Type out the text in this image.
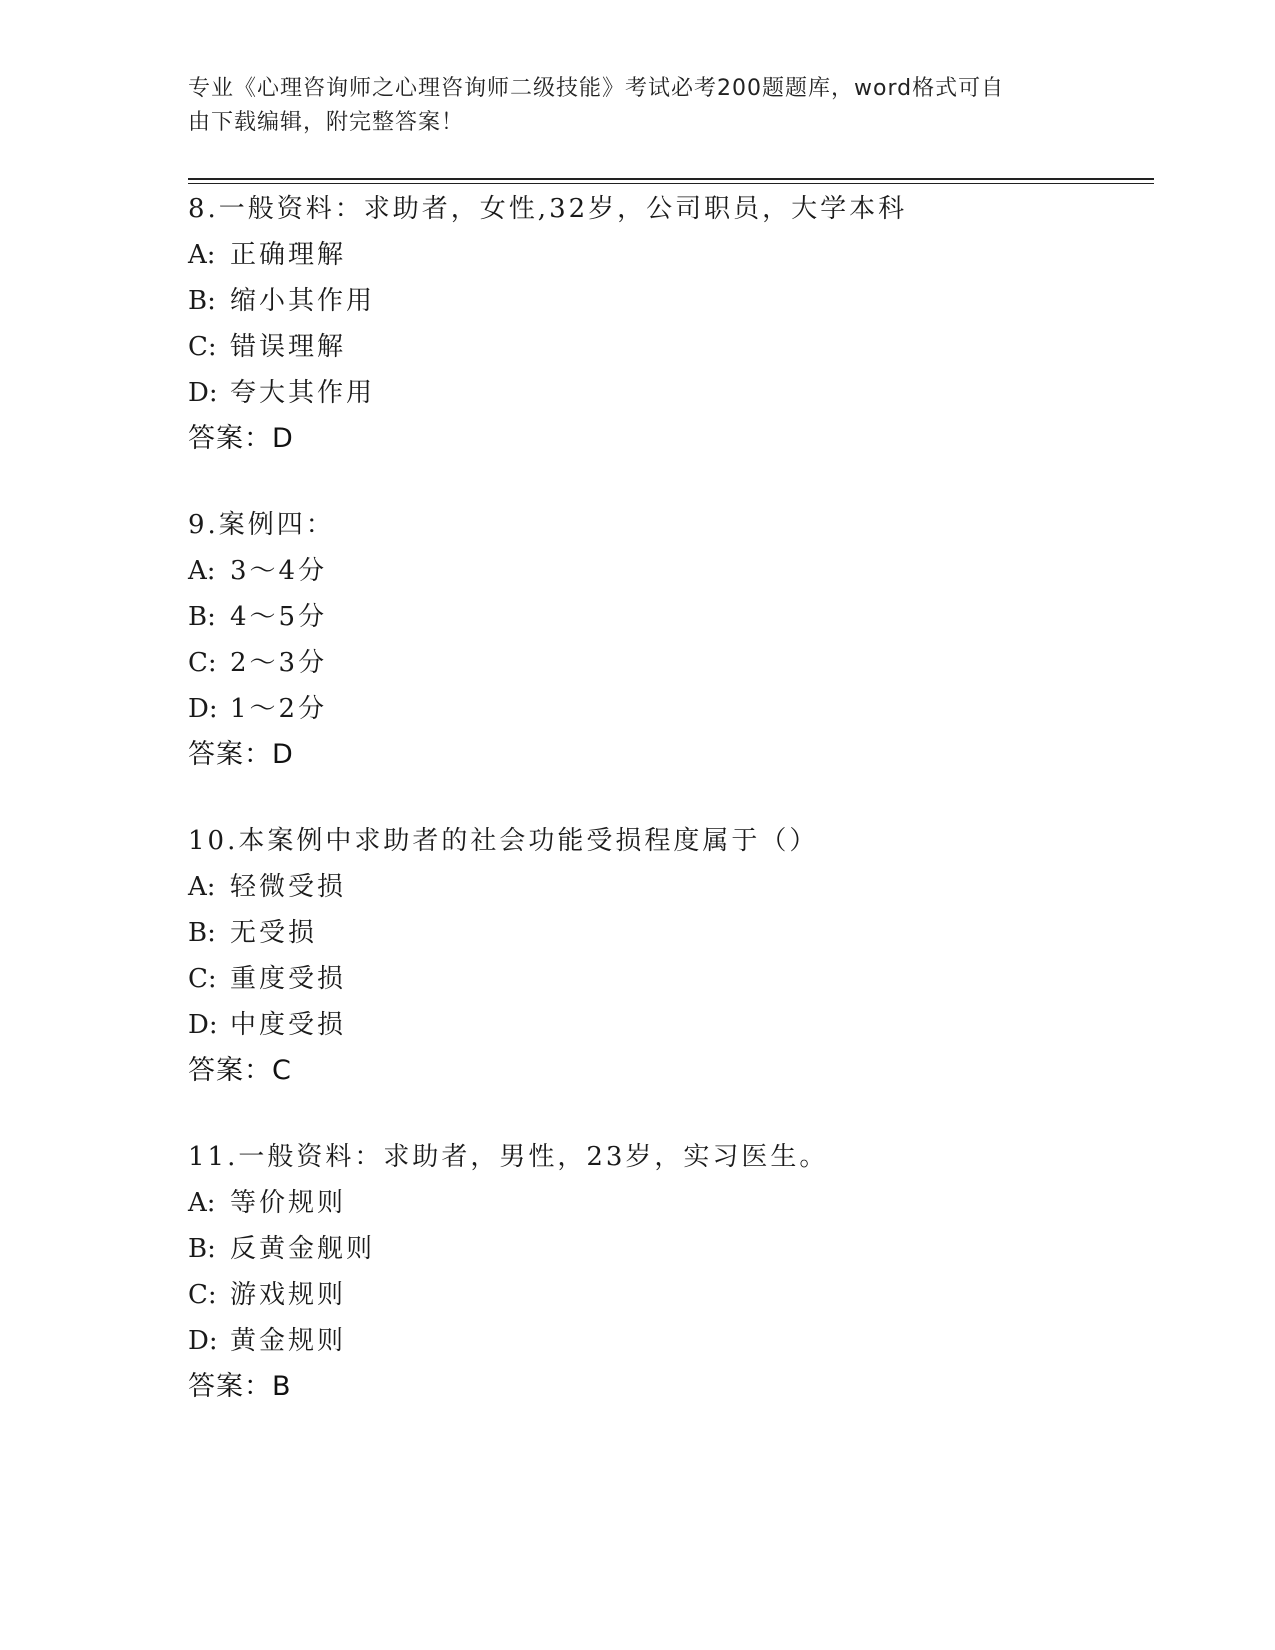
专业《心理咨询师之心理咨询师二级技能》考试必考200题题库，word格式可自
由下载编辑，附完整答案！
8.一般资料：求助者，女性,32岁，公司职员，大学本科
A: 正确理解
B: 缩小其作用
C: 错误理解
D: 夸大其作用
答案：D
9.案例四：
A: 3～4分
B: 4～5分
C: 2～3分
D: 1～2分
答案：D
10.本案例中求助者的社会功能受损程度属于（）
A: 轻微受损
B: 无受损
C: 重度受损
D: 中度受损
答案：C
11.一般资料：求助者，男性，23岁，实习医生。
A: 等价规则
B: 反黄金舰则
C: 游戏规则
D: 黄金规则
答案：B
